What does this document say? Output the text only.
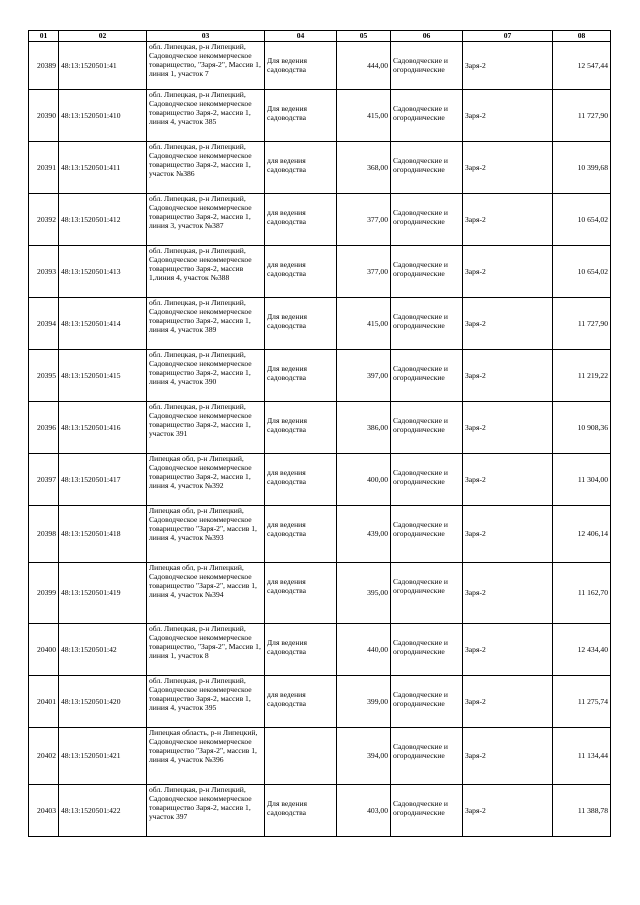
01	02	03	04	05	06	07	08
20389	48:13:1520501:41	обл. Липецкая, р-н Липецкий, Садоводческое некоммерческое товарищество, "Заря-2", Массив 1, линия 1, участок 7	Для ведения садоводства	444,00	Садоводческие и огороднические	Заря-2	12 547,44
20390	48:13:1520501:410	обл. Липецкая, р-н Липецкий, Садоводческое некоммерческое товарищество Заря-2, массив 1, линия 4, участок 385	Для ведения садоводства	415,00	Садоводческие и огороднические	Заря-2	11 727,90
20391	48:13:1520501:411	обл. Липецкая, р-н Липецкий, Садоводческое некоммерческое товарищество Заря-2, массив 1, участок №386	для ведения садоводства	368,00	Садоводческие и огороднические	Заря-2	10 399,68
20392	48:13:1520501:412	обл. Липецкая, р-н Липецкий, Садоводческое некоммерческое товарищество Заря-2, массив 1, линия 3, участок №387	для ведения садоводства	377,00	Садоводческие и огороднические	Заря-2	10 654,02
20393	48:13:1520501:413	обл. Липецкая, р-н Липецкий, Садоводческое некоммерческое товарищество Заря-2, массив 1,линия 4, участок №388	для ведения садоводства	377,00	Садоводческие и огороднические	Заря-2	10 654,02
20394	48:13:1520501:414	обл. Липецкая, р-н Липецкий, Садоводческое некоммерческое товарищество Заря-2, массив 1, линия 4, участок 389	Для ведения садоводства	415,00	Садоводческие и огороднические	Заря-2	11 727,90
20395	48:13:1520501:415	обл. Липецкая, р-н Липецкий, Садоводческое некоммерческое товарищество Заря-2, массив 1, линия 4, участок 390	Для ведения садоводства	397,00	Садоводческие и огороднические	Заря-2	11 219,22
20396	48:13:1520501:416	обл. Липецкая, р-н Липецкий, Садоводческое некоммерческое товарищество Заря-2, массив 1, участок 391	Для ведения садоводства	386,00	Садоводческие и огороднические	Заря-2	10 908,36
20397	48:13:1520501:417	Липецкая обл, р-н Липецкий, Садоводческое некоммерческое товарищество Заря-2, массив 1, линия 4, участок №392	для ведения садоводства	400,00	Садоводческие и огороднические	Заря-2	11 304,00
20398	48:13:1520501:418	Липецкая обл, р-н Липецкий, Садоводческое некоммерческое товарищество "Заря-2", массив 1, линия 4, участок №393	для ведения садоводства	439,00	Садоводческие и огороднические	Заря-2	12 406,14
20399	48:13:1520501:419	Липецкая обл, р-н Липецкий, Садоводческое некоммерческое товарищество "Заря-2", массив 1, линия 4, участок №394	для ведения садоводства	395,00	Садоводческие и огороднические	Заря-2	11 162,70
20400	48:13:1520501:42	обл. Липецкая, р-н Липецкий, Садоводческое некоммерческое товарищество, "Заря-2", Массив 1, линия 1, участок 8	Для ведения садоводства	440,00	Садоводческие и огороднические	Заря-2	12 434,40
20401	48:13:1520501:420	обл. Липецкая, р-н Липецкий, Садоводческое некоммерческое товарищество Заря-2, массив 1, линия 4, участок 395	для ведения садоводства	399,00	Садоводческие и огороднические	Заря-2	11 275,74
20402	48:13:1520501:421	Липецкая область, р-н Липецкий, Садоводческое некоммерческое товарищество "Заря-2", массив 1, линия 4, участок №396		394,00	Садоводческие и огороднические	Заря-2	11 134,44
20403	48:13:1520501:422	обл. Липецкая, р-н Липецкий, Садоводческое некоммерческое товарищество Заря-2, массив 1, участок 397	Для ведения садоводства	403,00	Садоводческие и огороднические	Заря-2	11 388,78
